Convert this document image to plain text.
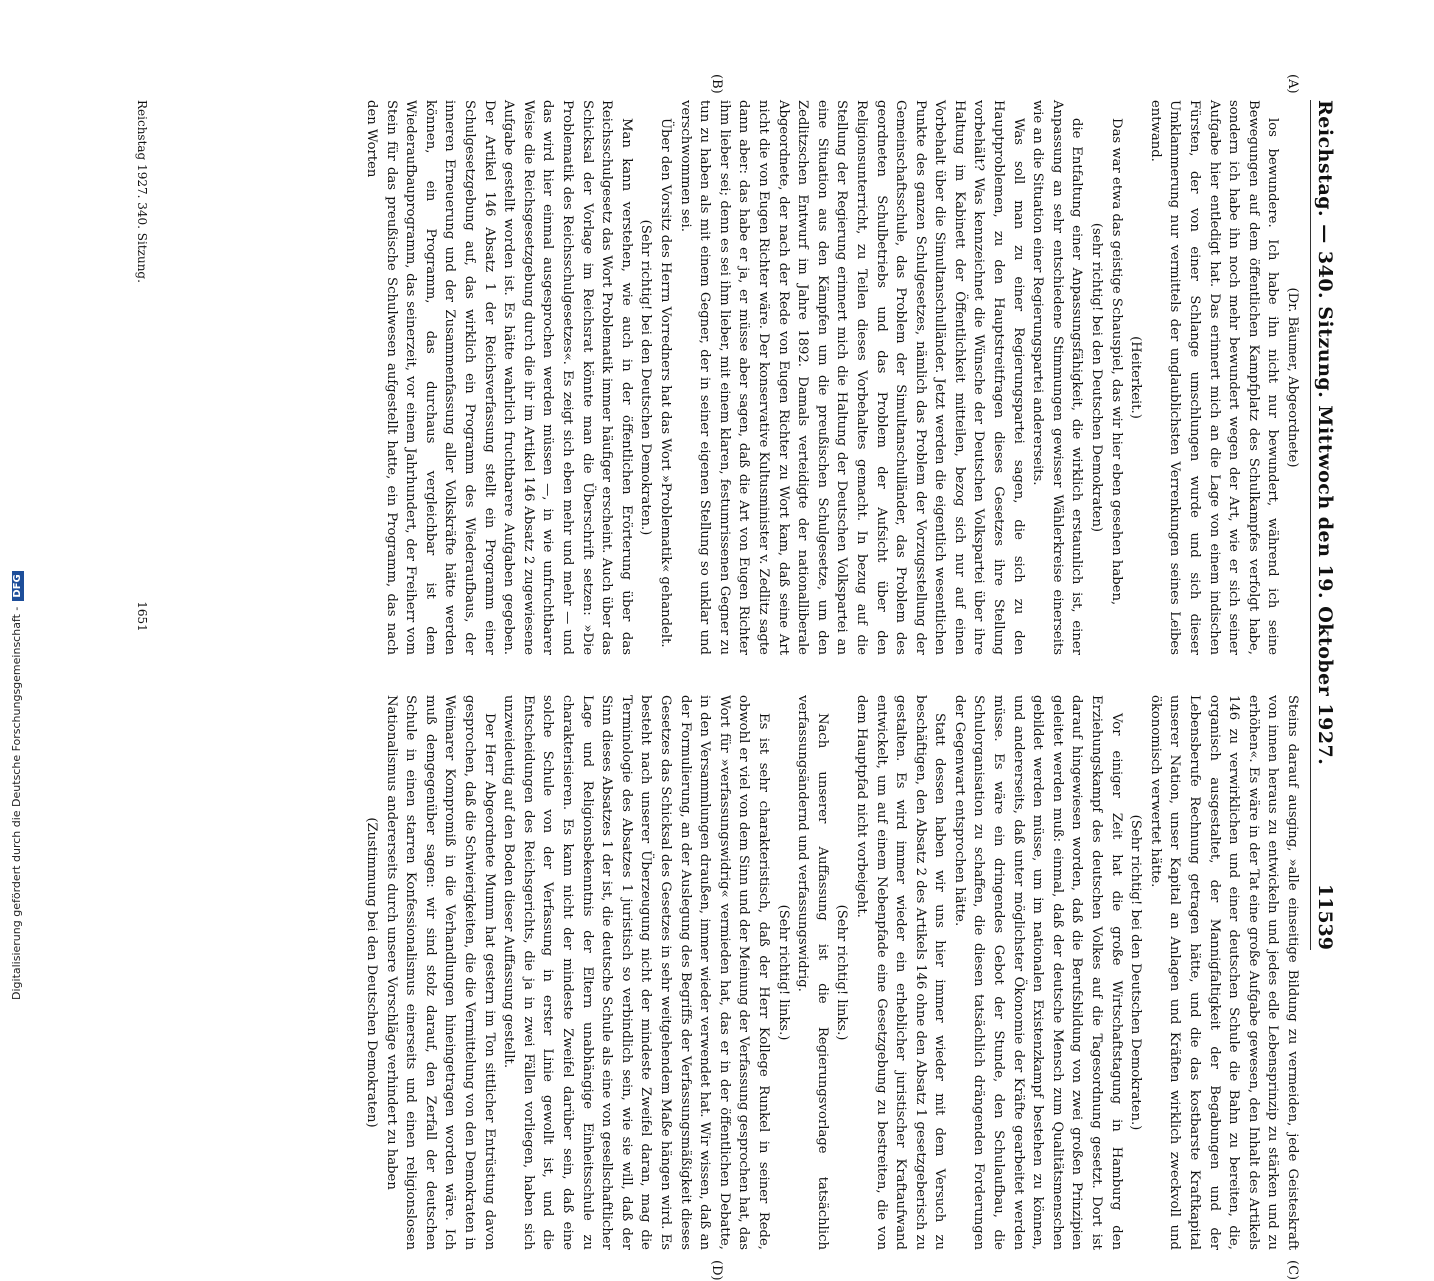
Digitalisierung gefördert durch die Deutsche Forschungsgemeinschaft -DFG	Reichstag. — 340. Sitzung. Mittwoch den 19. Oktober 1927.
11539
(A)
(B)
(C)
(D)

(Dr. Bäumer, Abgeordnete)

los bewundere. Ich habe ihn nicht nur bewundert, während ich seine Bewegungen auf dem öffentlichen Kampfplatz des Schulkampfes verfolgt habe, sondern ich habe ihn noch mehr bewundert wegen der Art, wie er sich seiner Aufgabe hier entledigt hat. Das erinnert mich an die Lage von einem indischen Fürsten, der von einer Schlange umschlungen wurde und sich dieser Umklammerung nur vermittels der unglaublichsten Verrenkungen seines Leibes entwand.

(Heiterkeit.)

Das war etwa das geistige Schauspiel, das wir hier eben gesehen haben,

(sehr richtig! bei den Deutschen Demokraten)

die Entfaltung einer Anpassungsfähigkeit, die wirklich erstaunlich ist, einer Anpassung an sehr entschiedene Stimmungen gewisser Wählerkreise einerseits wie an die Situation einer Regierungspartei andererseits.

Was soll man zu einer Regierungspartei sagen, die sich zu den Hauptproblemen, zu den Hauptstreitfragen dieses Gesetzes ihre Stellung vorbehält? Was kennzeichnet die Wünsche der Deutschen Volkspartei über ihre Haltung im Kabinett der Öffentlichkeit mitteilen, bezog sich nur auf einen Vorbehalt über die Simultanschulländer. Jetzt werden die eigentlich wesentlichen Punkte des ganzen Schulgesetzes, nämlich das Problem der Vorzugsstellung der Gemeinschaftsschule, das Problem der Simultanschulländer, das Problem des geordneten Schulbetriebs und das Problem der Aufsicht über den Religionsunterricht, zu Teilen dieses Vorbehaltes gemacht. In bezug auf die Stellung der Regierung erinnert mich die Haltung der Deutschen Volkspartei an eine Situation aus den Kämpfen um die preußischen Schulgesetze, um den Zedlitzschen Entwurf im Jahre 1892. Damals verteidigte der nationalliberale Abgeordnete, der nach der Rede von Eugen Richter zu Wort kam, daß seine Art nicht die von Eugen Richter wäre. Der konservative Kultusminister v. Zedlitz sagte dann aber: das habe er ja, er müsse aber sagen, daß die Art von Eugen Richter ihm lieber sei; denn es sei ihm lieber, mit einem klaren, festumrissenen Gegner zu tun zu haben als mit einem Gegner, der in seiner eigenen Stellung so unklar und verschwommen sei.

Über den Vorsitz des Herrn Vorredners hat das Wort »Problematik« gehandelt.

(Sehr richtig! bei den Deutschen Demokraten.)

Man kann verstehen, wie auch in der öffentlichen Erörterung über das Reichsschulgesetz das Wort Problematik immer häufiger erscheint. Auch über das Schicksal der Vorlage im Reichsrat könnte man die Überschrift setzen: »Die Problematik des Reichsschulgesetzes«. Es zeigt sich eben mehr und mehr — und das wird hier einmal ausgesprochen werden müssen —, in wie unfruchtbarer Weise die Reichsgesetzgebung durch die ihr im Artikel 146 Absatz 2 zugewiesene Aufgabe gestellt worden ist. Es hätte wahrlich fruchtbarere Aufgaben gegeben. Der Artikel 146 Absatz 1 der Reichsverfassung stellt ein Programm einer Schulgesetzgebung auf, das wirklich ein Programm des Wiederaufbaus, der inneren Erneuerung und der Zusammenfassung aller Volkskräfte hätte werden können, ein Programm, das durchaus vergleichbar ist dem Wiederaufbauprogramm, das seinerzeit, vor einem Jahrhundert, der Freiherr vom Stein für das preußische Schulwesen aufgestellt hatte, ein Programm, das nach den Worten

Steins darauf ausging, »alle einseitige Bildung zu vermeiden, jede Geisteskraft von innen heraus zu entwickeln und jedes edle Lebensprinzip zu stärken und zu erhöhen«. Es wäre in der Tat eine große Aufgabe gewesen, den Inhalt des Artikels 146 zu verwirklichen und einer deutschen Schule die Bahn zu bereiten, die, organisch ausgestaltet, der Mannigfaltigkeit der Begabungen und der Lebensberufe Rechnung getragen hätte, und die das kostbarste Kraftkapital unserer Nation, unser Kapital an Anlagen und Kräften wirklich zweckvoll und ökonomisch verwertet hätte.

(Sehr richtig! bei den Deutschen Demokraten.)

Vor einiger Zeit hat die große Wirtschaftstagung in Hamburg den Erziehungskampf des deutschen Volkes auf die Tagesordnung gesetzt. Dort ist darauf hingewiesen worden, daß die Berufsbildung von zwei großen Prinzipien geleitet werden muß: einmal, daß der deutsche Mensch zum Qualitätsmenschen gebildet werden müsse, um im nationalen Existenzkampf bestehen zu können, und andererseits, daß unter möglichster Ökonomie der Kräfte gearbeitet werden müsse. Es wäre ein dringendes Gebot der Stunde, den Schulaufbau, die Schulorganisation zu schaffen, die diesen tatsächlich drängenden Forderungen der Gegenwart entsprochen hätte.

Statt dessen haben wir uns hier immer wieder mit dem Versuch zu beschäftigen, den Absatz 2 des Artikels 146 ohne den Absatz 1 gesetzgeberisch zu gestalten. Es wird immer wieder ein erheblicher juristischer Kraftaufwand entwickelt, um auf einem Nebenpfade eine Gesetzgebung zu bestreiten, die von dem Hauptpfad nicht vorbeigeht.

(Sehr richtig! links.)

Nach unserer Auffassung ist die Regierungsvorlage tatsächlich verfassungsändernd und verfassungswidrig.

(Sehr richtig! links.)

Es ist sehr charakteristisch, daß der Herr Kollege Runkel in seiner Rede, obwohl er viel von dem Sinn und der Meinung der Verfassung gesprochen hat, das Wort für »verfassungswidrig« vermieden hat, das er in der öffentlichen Debatte, in den Versammlungen draußen, immer wieder verwendet hat. Wir wissen, daß an der Formulierung, an der Auslegung des Begriffs der Verfassungsmäßigkeit dieses Gesetzes das Schicksal des Gesetzes in sehr weitgehendem Maße hängen wird. Es besteht nach unserer Überzeugung nicht der mindeste Zweifel daran, mag die Terminologie des Absatzes 1 juristisch so verbindlich sein, wie sie will, daß der Sinn dieses Absatzes 1 der ist, die deutsche Schule als eine von gesellschaftlicher Lage und Religionsbekenntnis der Eltern unabhängige Einheitsschule zu charakterisieren. Es kann nicht der mindeste Zweifel darüber sein, daß eine solche Schule von der Verfassung in erster Linie gewollt ist, und die Entscheidungen des Reichsgerichts, die ja in zwei Fällen vorliegen, haben sich unzweideutig auf den Boden dieser Auffassung gestellt.

Der Herr Abgeordnete Mumm hat gestern im Ton sittlicher Entrüstung davon gesprochen, daß die Schwierigkeiten, die die Vermittelung von den Demokraten in Weimarer Kompromiß in die Verhandlungen hineingetragen worden wäre. Ich muß demgegenüber sagen: wir sind stolz darauf, den Zerfall der deutschen Schule in einen starren Konfessionalismus einerseits und einen religionslosen Nationalismus andererseits durch unsere Vorschläge verhindert zu haben

(Zustimmung bei den Deutschen Demokraten)

Reichstag 1927. 340. Sitzung.
1651
